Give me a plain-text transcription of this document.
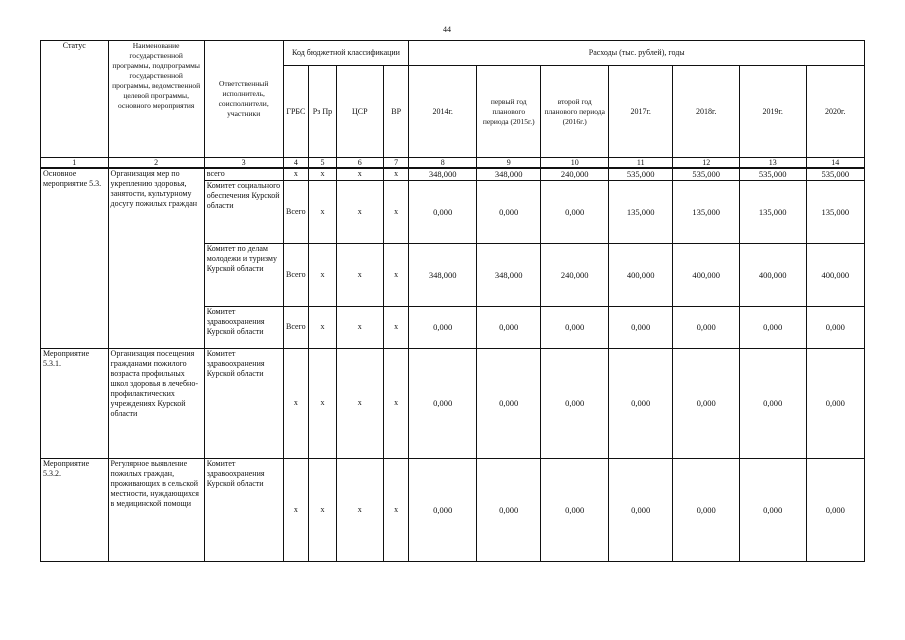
44
Статус	Наименование государственной программы, подпрограммы государственной программы, ведомственной целевой программы, основного мероприятия	Ответственный исполнитель, соисполнители, участники	Код бюджетной классификации				Расходы (тыс. рублей), годы						
			ГРБС	Рз Пр	ЦСР	ВР	2014г.	первый год планового периода (2015г.)	второй год планового периода (2016г.)	2017г.	2018г.	2019г.	2020г.

1	2	3	4	5	6	7	8	9	10	11	12	13	14
Основное мероприятие 5.3.	Организация мер по укреплению здоровья, занятости, культурному досугу пожилых граждан	всего	x	x	x	x	348,000	348,000	240,000	535,000	535,000	535,000	535,000
		Комитет социального обеспечения Курской области	Всего	x	x	x	0,000	0,000	0,000	135,000	135,000	135,000	135,000
		Комитет по делам молодежи и туризму Курской области	Всего	x	x	x	348,000	348,000	240,000	400,000	400,000	400,000	400,000
		Комитет здравоохранения Курской области	Всего	x	x	x	0,000	0,000	0,000	0,000	0,000	0,000	0,000
Мероприятие 5.3.1.	Организация посещения гражданами пожилого возраста профильных школ здоровья в лечебно-профилактических учреждениях Курской области	Комитет здравоохранения Курской области	x	x	x	x	0,000	0,000	0,000	0,000	0,000	0,000	0,000
Мероприятие 5.3.2.	Регулярное выявление пожилых граждан, проживающих в сельской местности, нуждающихся в медицинской помощи	Комитет здравоохранения Курской области	x	x	x	x	0,000	0,000	0,000	0,000	0,000	0,000	0,000
